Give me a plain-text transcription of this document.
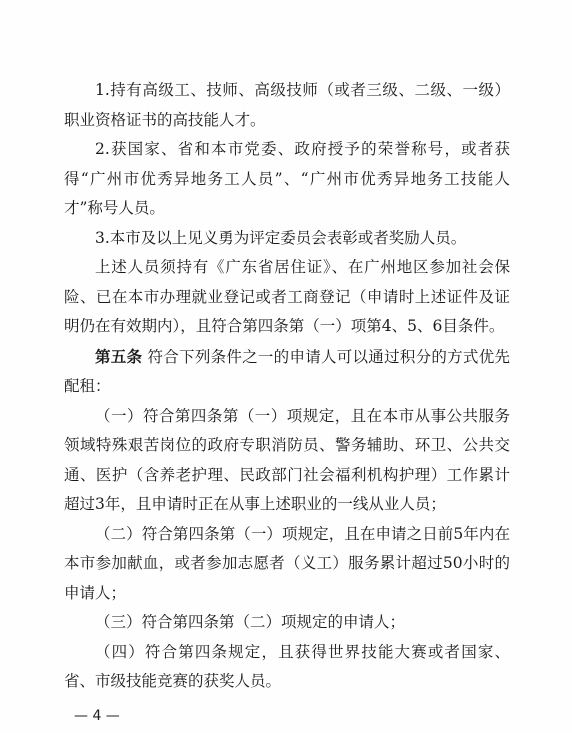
1.持有高级工、技师、高级技师（或者三级、二级、一级）职业资格证书的高技能人才。

2.获国家、省和本市党委、政府授予的荣誉称号，或者获得“广州市优秀异地务工人员”、“广州市优秀异地务工技能人才”称号人员。

3.本市及以上见义勇为评定委员会表彰或者奖励人员。

上述人员须持有《广东省居住证》、在广州地区参加社会保险、已在本市办理就业登记或者工商登记（申请时上述证件及证明仍在有效期内），且符合第四条第（一）项第4、5、6目条件。

第五条 符合下列条件之一的申请人可以通过积分的方式优先配租：

（一）符合第四条第（一）项规定，且在本市从事公共服务领域特殊艰苦岗位的政府专职消防员、警务辅助、环卫、公共交通、医护（含养老护理、民政部门社会福利机构护理）工作累计超过3年，且申请时正在从事上述职业的一线从业人员；

（二）符合第四条第（一）项规定，且在申请之日前5年内在本市参加献血，或者参加志愿者（义工）服务累计超过50小时的申请人；

（三）符合第四条第（二）项规定的申请人；

（四）符合第四条规定，且获得世界技能大赛或者国家、省、市级技能竞赛的获奖人员。

— 4 —
